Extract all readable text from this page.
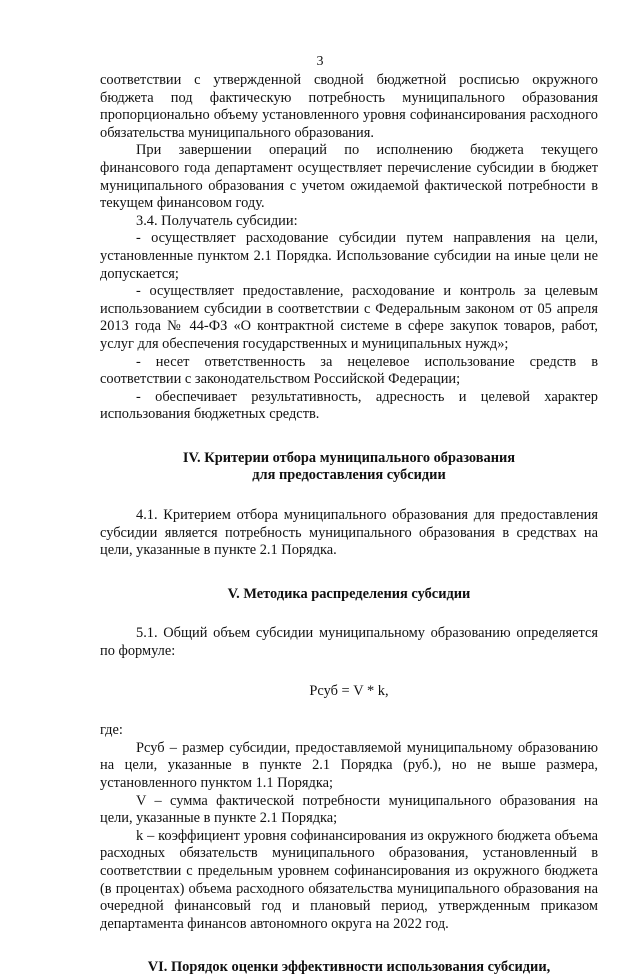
3

соответствии с утвержденной сводной бюджетной росписью окружного бюджета под фактическую потребность муниципального образования пропорционально объему установленного уровня софинансирования расходного обязательства муниципального образования.

При завершении операций по исполнению бюджета текущего финансового года департамент осуществляет перечисление субсидии в бюджет муниципального образования с учетом ожидаемой фактической потребности в текущем финансовом году.

3.4. Получатель субсидии:

- осуществляет расходование субсидии путем направления на цели, установленные пунктом 2.1 Порядка. Использование субсидии на иные цели не допускается;

- осуществляет предоставление, расходование и контроль за целевым использованием субсидии в соответствии с Федеральным законом от 05 апреля 2013 года № 44-ФЗ «О контрактной системе в сфере закупок товаров, работ, услуг для обеспечения государственных и муниципальных нужд»;

- несет ответственность за нецелевое использование средств в соответствии с законодательством Российской Федерации;

- обеспечивает результативность, адресность и целевой характер использования бюджетных средств.

IV. Критерии отбора муниципального образования
для предоставления субсидии

4.1. Критерием отбора муниципального образования для предоставления субсидии является потребность муниципального образования в средствах на цели, указанные в пункте 2.1 Порядка.

V. Методика распределения субсидии

5.1. Общий объем субсидии муниципальному образованию определяется по формуле:

Рсуб = V * k,

где:

Рсуб – размер субсидии, предоставляемой муниципальному образованию на цели, указанные в пункте 2.1 Порядка (руб.), но не выше размера, установленного пунктом 1.1 Порядка;

V – сумма фактической потребности муниципального образования на цели, указанные в пункте 2.1 Порядка;

k – коэффициент уровня софинансирования из окружного бюджета объема расходных обязательств муниципального образования, установленный в соответствии с предельным уровнем софинансирования из окружного бюджета (в процентах) объема расходного обязательства муниципального образования на очередной финансовый год и плановый период, утвержденным приказом департамента финансов автономного округа на 2022 год.

VI. Порядок оценки эффективности использования субсидии,
